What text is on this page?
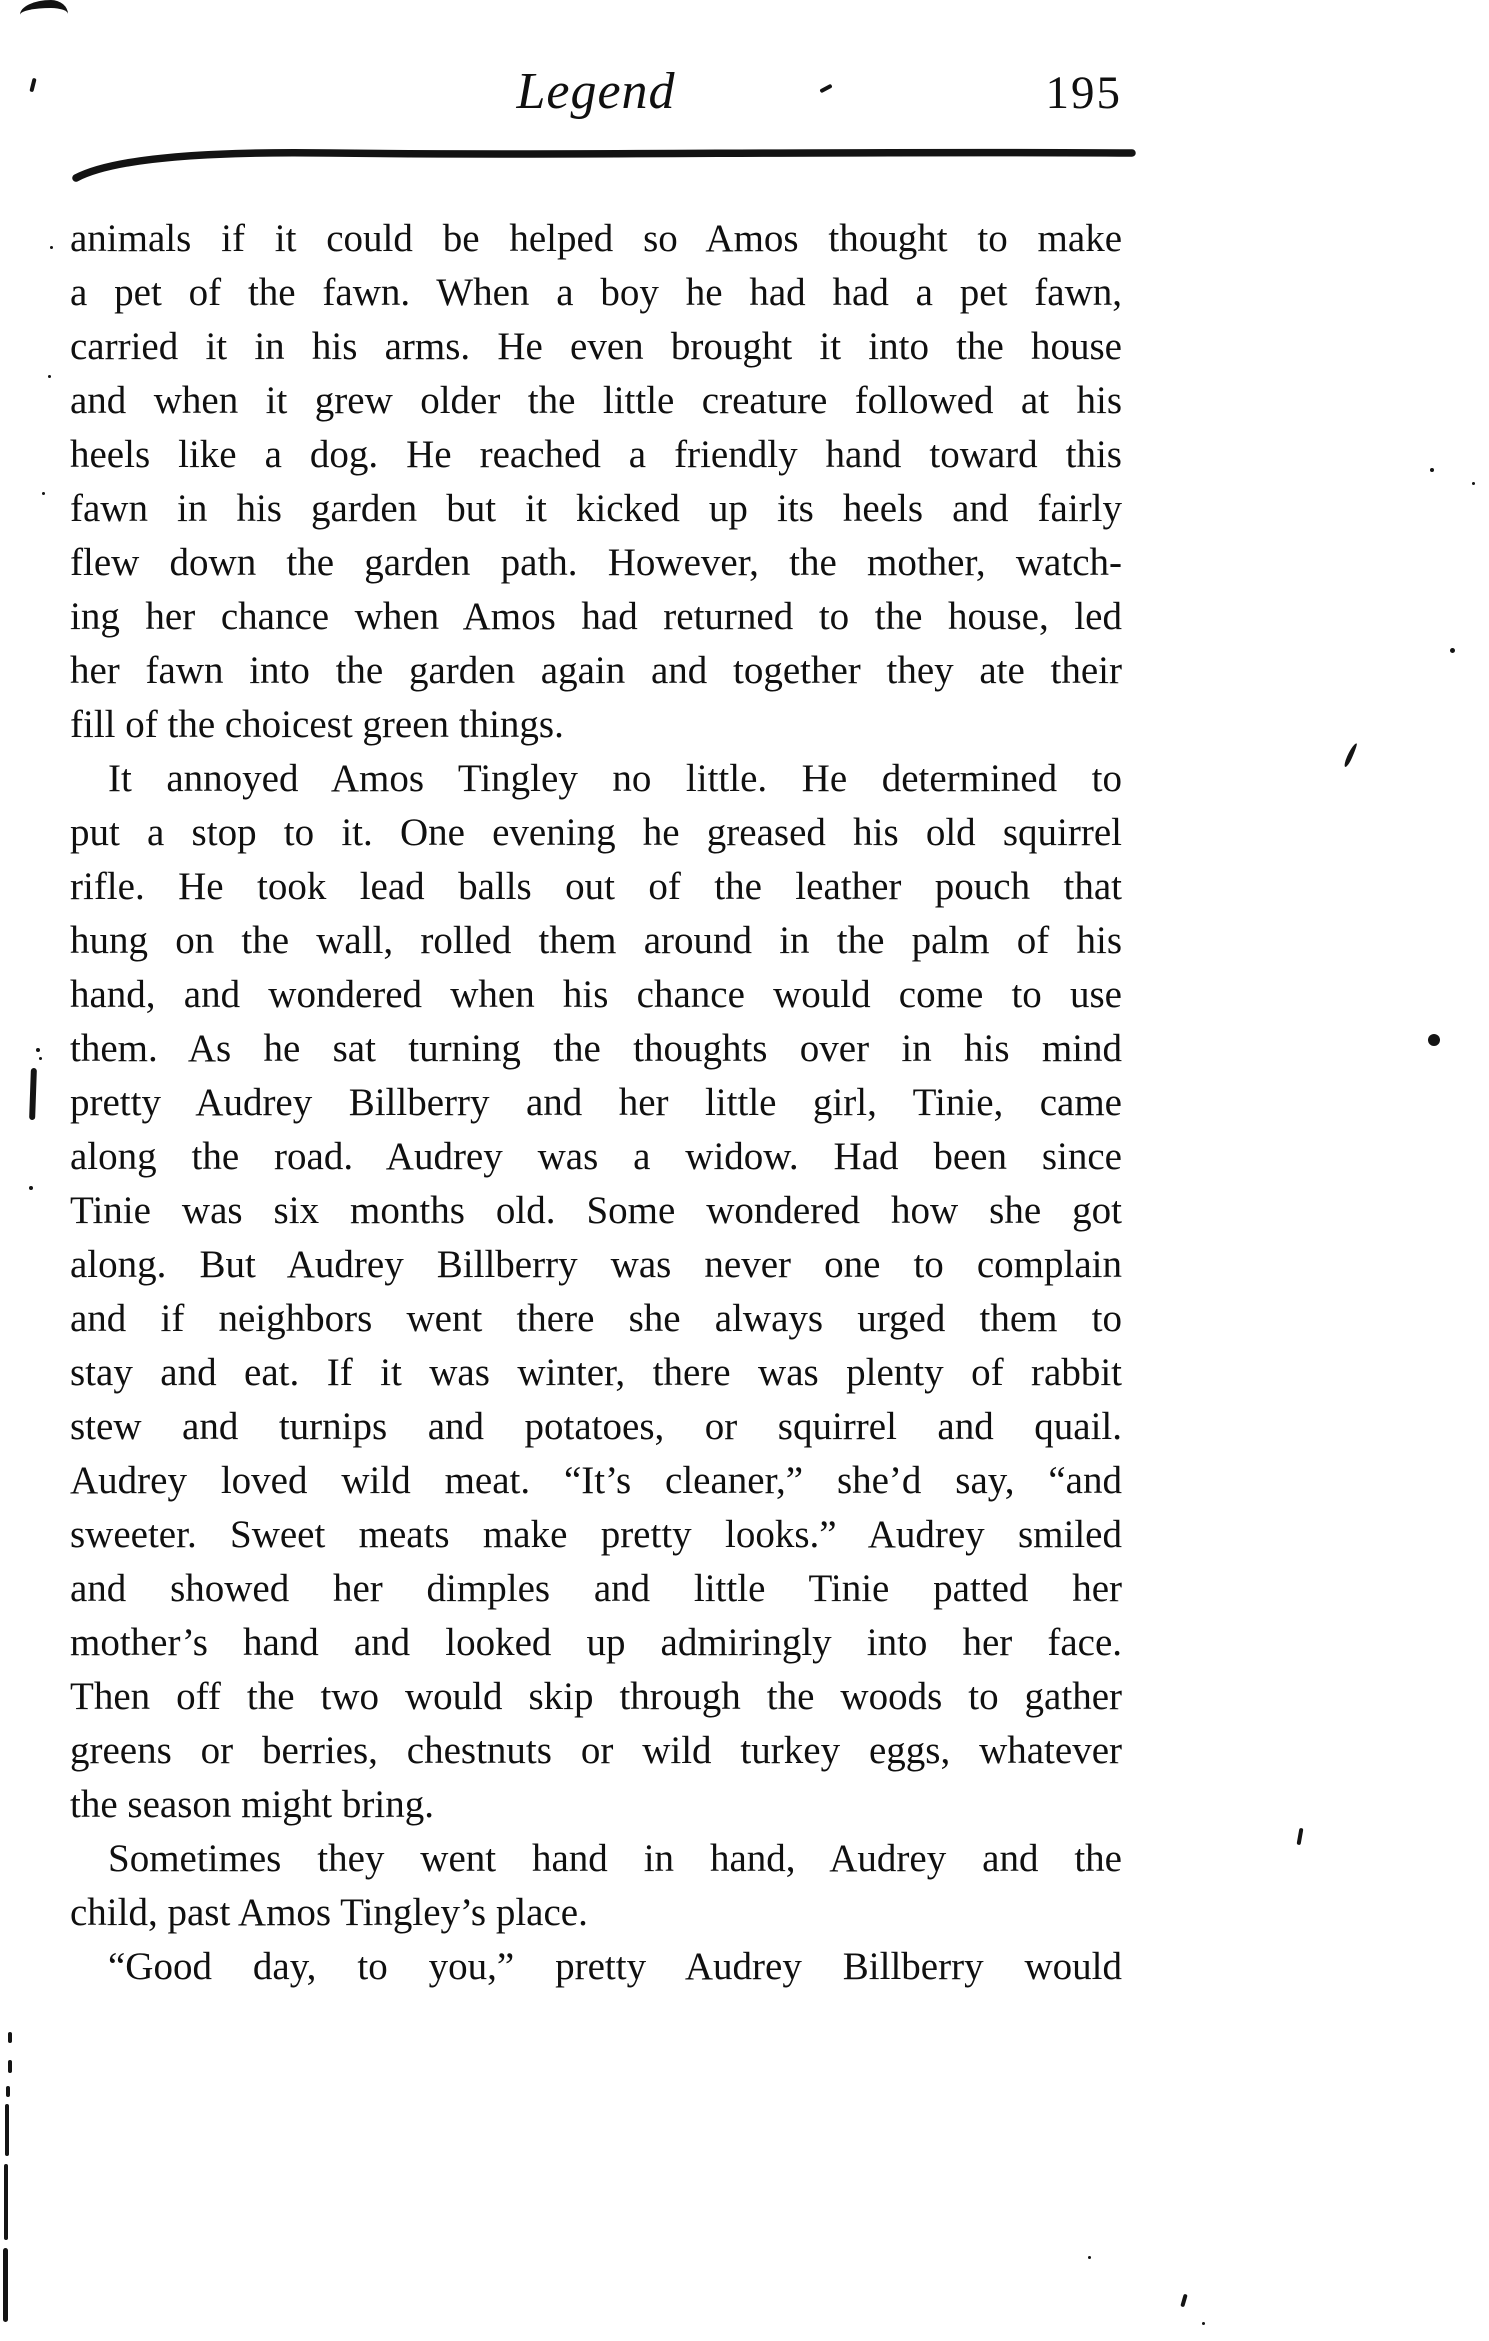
Legend	195
animals if it could be helped so Amos thought to make
a pet of the fawn. When a boy he had had a pet fawn,
carried it in his arms. He even brought it into the house
and when it grew older the little creature followed at his
heels like a dog. He reached a friendly hand toward this
fawn in his garden but it kicked up its heels and fairly
flew down the garden path. However, the mother, watch-
ing her chance when Amos had returned to the house, led
her fawn into the garden again and together they ate their
fill of the choicest green things.
It annoyed Amos Tingley no little. He determined to
put a stop to it. One evening he greased his old squirrel
rifle. He took lead balls out of the leather pouch that
hung on the wall, rolled them around in the palm of his
hand, and wondered when his chance would come to use
them. As he sat turning the thoughts over in his mind
pretty Audrey Billberry and her little girl, Tinie, came
along the road. Audrey was a widow. Had been since
Tinie was six months old. Some wondered how she got
along. But Audrey Billberry was never one to complain
and if neighbors went there she always urged them to
stay and eat. If it was winter, there was plenty of rabbit
stew and turnips and potatoes, or squirrel and quail.
Audrey loved wild meat. “It’s cleaner,” she’d say, “and
sweeter. Sweet meats make pretty looks.” Audrey smiled
and showed her dimples and little Tinie patted her
mother’s hand and looked up admiringly into her face.
Then off the two would skip through the woods to gather
greens or berries, chestnuts or wild turkey eggs, whatever
the season might bring.
Sometimes they went hand in hand, Audrey and the
child, past Amos Tingley’s place.
“Good day, to you,” pretty Audrey Billberry would
